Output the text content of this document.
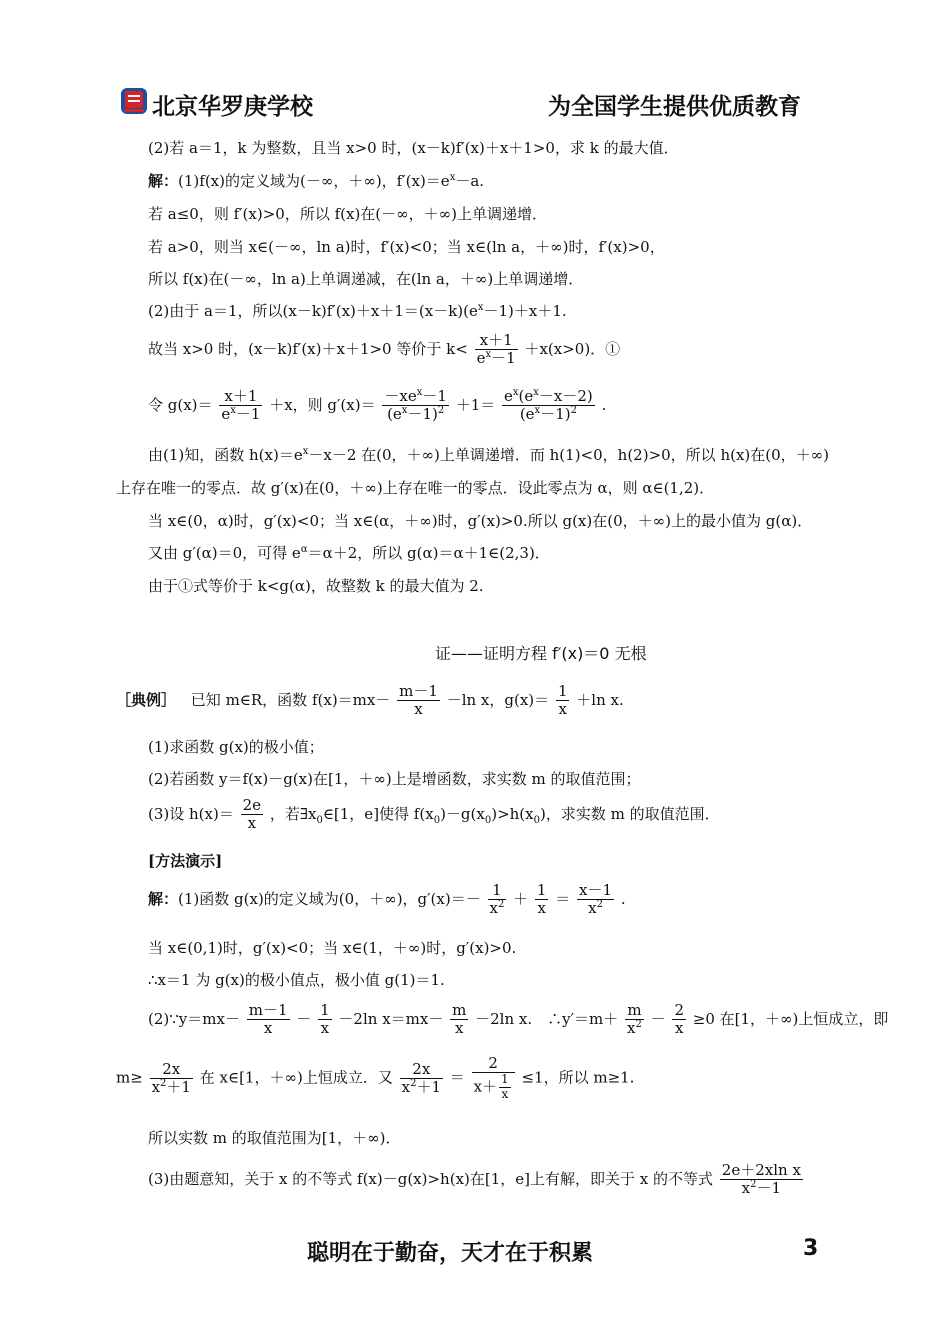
北京华罗庚学校	为全国学生提供优质教育
(2)若 a＝1，k 为整数，且当 x>0 时，(x－k)f′(x)＋x＋1>0，求 k 的最大值．
解：(1)f(x)的定义域为(－∞，＋∞)，$f'(x)=e^x-a$.
若 a≤0，则 f′(x)>0，所以 f(x)在(－∞，＋∞)上单调递增．
若 a>0，则当 x∈(－∞，ln a)时，f′(x)<0；当 x∈(ln a，＋∞)时，f′(x)>0，
所以 f(x)在(－∞，ln a)上单调递减，在(ln a，＋∞)上单调递增．
(2)由于 a＝1，所以$(x-k)f'(x)+x+1=(x-k)(e^x-1)+x+1$.
故当 x>0 时，(x－k)f′(x)＋x＋1>0 等价于 $k< \frac{x+1}{e^x-1} +x(x>0)$．①
令 $g(x)= \frac{x+1}{e^x-1} +x$，则 $g'(x)= \frac{-xe^x-1}{(e^x-1)^2} +1= \frac{e^x(e^x-x-2)}{(e^x-1)^2}$ .
由(1)知，函数 $h(x)=e^x-x-2$ 在(0，＋∞)上单调递增．而 h(1)<0，h(2)>0，所以 h(x)在(0，＋∞)
上存在唯一的零点．故 g′(x)在(0，＋∞)上存在唯一的零点．设此零点为 α，则 α∈(1,2)．
当 x∈(0，α)时，g′(x)<0；当 x∈(α，＋∞)时，g′(x)>0.所以 g(x)在(0，＋∞)上的最小值为 g(α)．
又由 g′(α)＝0，可得 $e^\alpha=\alpha+2$，所以 g(α)＝α＋1∈(2,3)．
由于①式等价于 k<g(α)，故整数 k 的最大值为 2.
证——证明方程 f′(x)＝0 无根
［典例］ 已知 m∈R，函数 $f(x)=mx- \frac{m-1}{x} -\ln$ x，$g(x)= \frac{1}{x} +\ln$ x.
(1)求函数 g(x)的极小值；
(2)若函数 y＝f(x)－g(x)在[1，＋∞)上是增函数，求实数 m 的取值范围；
(3)设 $h(x)= \frac{2e}{x}$ ，若$\exists x_0\in[1$，e]使得 $f(x_0)-g(x_0)>h(x_0)$，求实数 m 的取值范围．
[方法演示]
解：(1)函数 g(x)的定义域为(0，＋∞)，$g'(x)=- \frac{1}{x^2} + \frac{1}{x} = \frac{x-1}{x^2}$ .
当 x∈(0,1)时，g′(x)<0；当 x∈(1，＋∞)时，g′(x)>0.
∴x＝1 为 g(x)的极小值点，极小值 g(1)＝1.
(2)∵y＝mx－ $\frac{m-1}{x} - \frac{1}{x} -2\ln$ $x=mx- \frac{m}{x} -2\ln$ x.　∴y′＝m＋ $\frac{m}{x^2} - \frac{2}{x} \ge 0$ 在[1，＋∞)上恒成立，即
$m\ge \frac{2x}{x^2+1}$ 在 x∈[1，＋∞)上恒成立．又 $\frac{2x}{x^2+1} = \frac{2}{x+ \frac{1}{x}} \le 1$，所以 m≥1.
所以实数 m 的取值范围为[1，＋∞)．
(3)由题意知，关于 x 的不等式 f(x)－g(x)>h(x)在[1，e]上有解，即关于 x 的不等式 $\frac{\text{2e＋2xln x}}{x^2-1}$
聪明在于勤奋，天才在于积累	3
